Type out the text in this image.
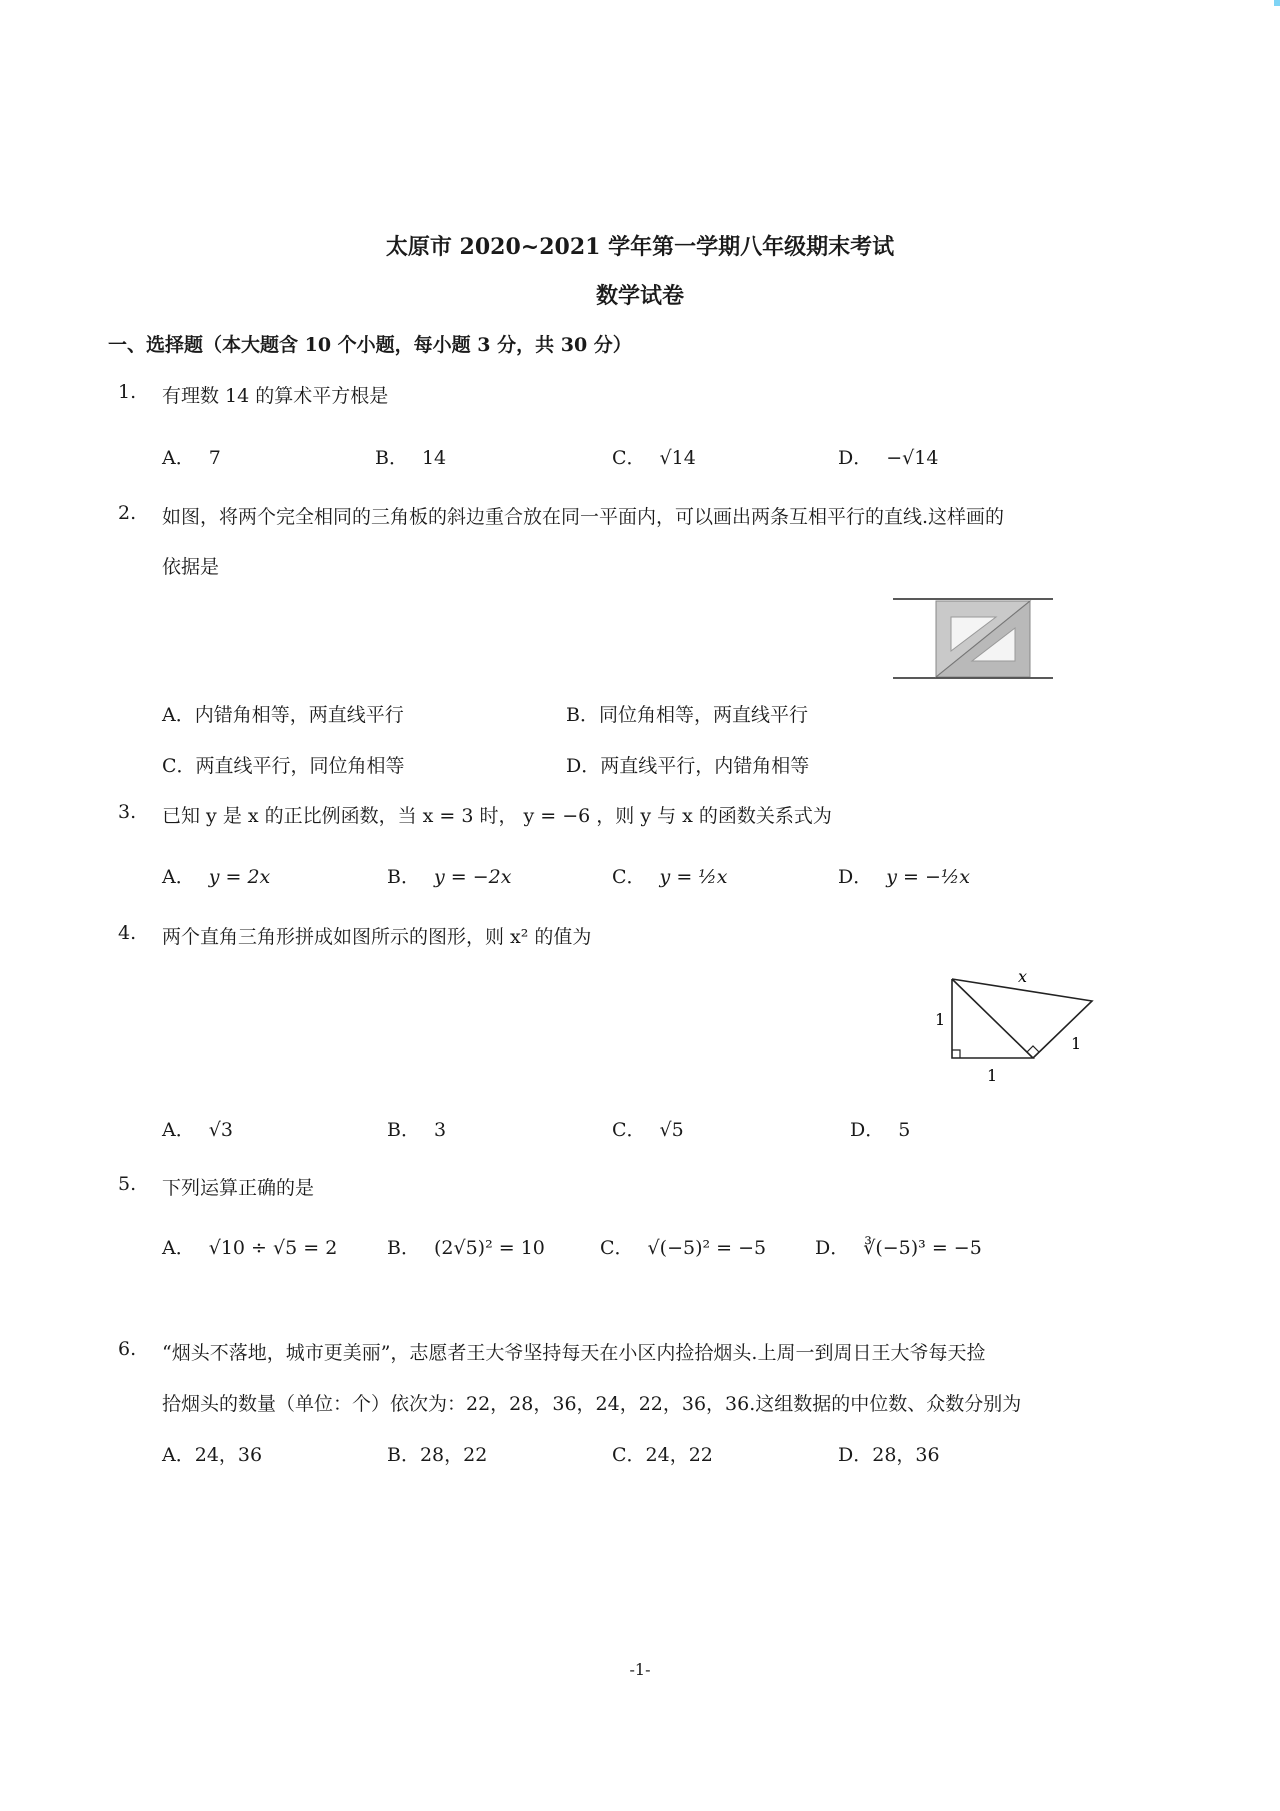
太原市 2020~2021 学年第一学期八年级期末考试
数学试卷
一、选择题（本大题含 10 个小题，每小题 3 分，共 30 分）
1. 有理数 14 的算术平方根是
A． 7	B． 14	C． √14	D． −√14
2. 如图，将两个完全相同的三角板的斜边重合放在同一平面内，可以画出两条互相平行的直线.这样画的
依据是
A．内错角相等，两直线平行	B．同位角相等，两直线平行
C．两直线平行，同位角相等	D．两直线平行，内错角相等
3. 已知 y 是 x 的正比例函数，当 x = 3 时， y = −6 ，则 y 与 x 的函数关系式为
A． y = 2x	B． y = −2x	C． y = ½x	D． y = −½x
4. 两个直角三角形拼成如图所示的图形，则 x² 的值为
x
1
1
1
A． √3	B． 3	C． √5	D． 5
5. 下列运算正确的是
A． √10 ÷ √5 = 2	B． (2√5)² = 10	C． √(−5)² = −5	D． ∛(−5)³ = −5
6. “烟头不落地，城市更美丽”，志愿者王大爷坚持每天在小区内捡拾烟头.上周一到周日王大爷每天捡
拾烟头的数量（单位：个）依次为：22，28，36，24，22，36，36.这组数据的中位数、众数分别为
A．24，36	B．28，22	C．24，22	D．28，36
-1-
